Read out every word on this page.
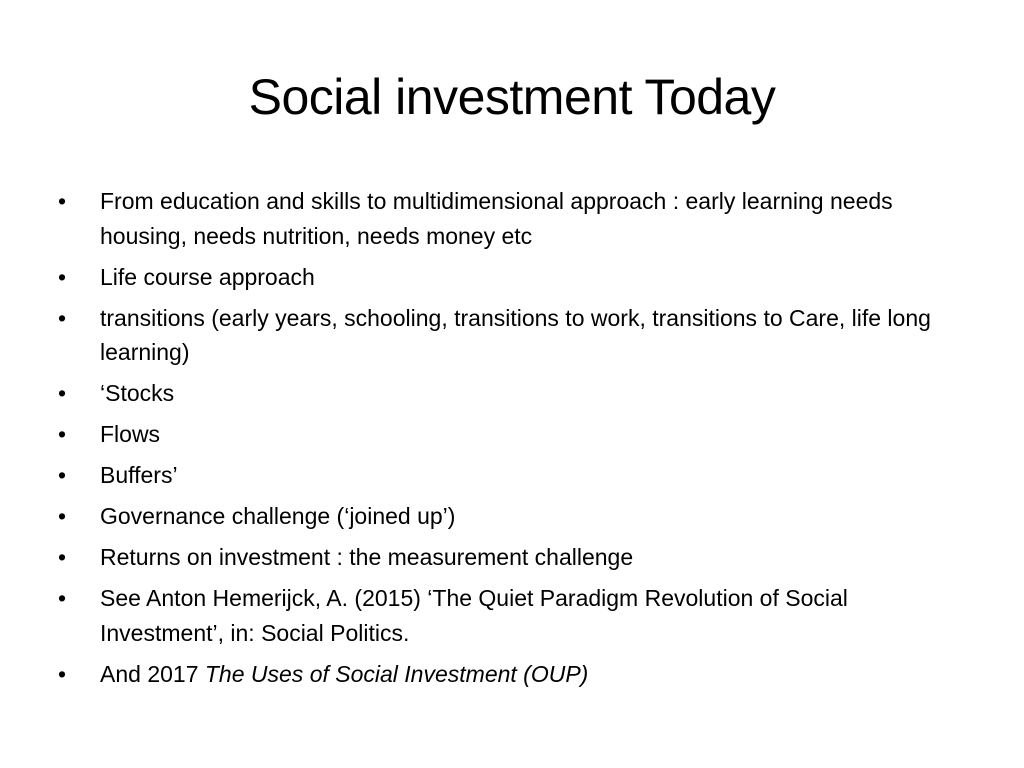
Social investment Today
•	From education and skills to multidimensional approach : early learning needs housing, needs nutrition, needs money etc
•	Life course approach
•	transitions (early years, schooling, transitions to work, transitions to Care, life long learning)
•	‘Stocks
•	Flows
•	Buffers’
•	Governance challenge (‘joined up’)
•	Returns on investment : the measurement challenge
•	See Anton Hemerijck, A. (2015) ‘The Quiet Paradigm Revolution of Social Investment’, in: Social Politics.
•	And 2017 The Uses of Social Investment (OUP)
